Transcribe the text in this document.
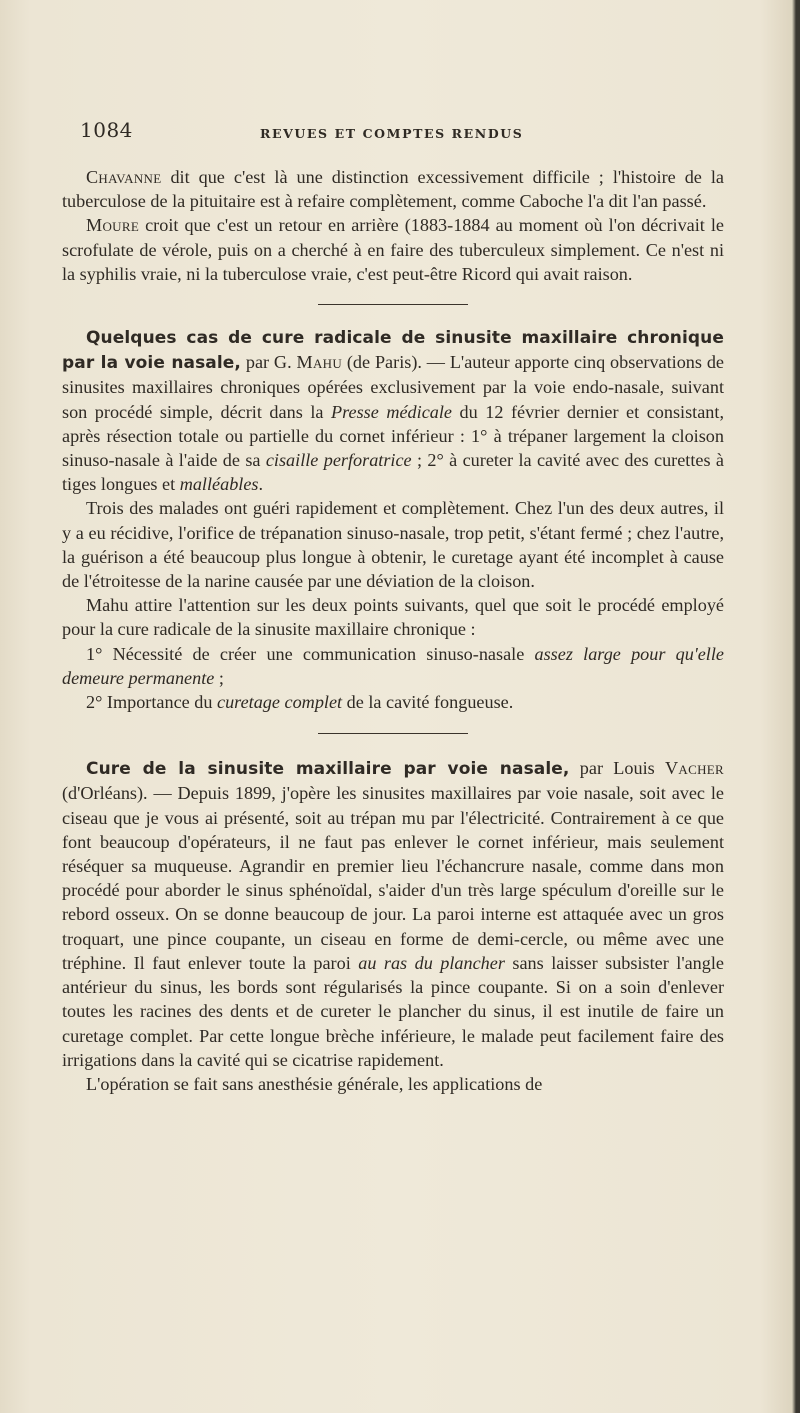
1084	REVUES ET COMPTES RENDUS

Chavanne dit que c'est là une distinction excessivement difficile ; l'histoire de la tuberculose de la pituitaire est à refaire complètement, comme Caboche l'a dit l'an passé.

Moure croit que c'est un retour en arrière (1883-1884 au moment où l'on décrivait le scrofulate de vérole, puis on a cherché à en faire des tuberculeux simplement. Ce n'est ni la syphilis vraie, ni la tuberculose vraie, c'est peut-être Ricord qui avait raison.

Quelques cas de cure radicale de sinusite maxillaire chronique par la voie nasale, par G. Mahu (de Paris). — L'auteur apporte cinq observations de sinusites maxillaires chroniques opérées exclusivement par la voie endo-nasale, suivant son procédé simple, décrit dans la Presse médicale du 12 février dernier et consistant, après résection totale ou partielle du cornet inférieur : 1° à trépaner largement la cloison sinuso-nasale à l'aide de sa cisaille perforatrice ; 2° à cureter la cavité avec des curettes à tiges longues et malléables.

Trois des malades ont guéri rapidement et complètement. Chez l'un des deux autres, il y a eu récidive, l'orifice de trépanation sinuso-nasale, trop petit, s'étant fermé ; chez l'autre, la guérison a été beaucoup plus longue à obtenir, le curetage ayant été incomplet à cause de l'étroitesse de la narine causée par une déviation de la cloison.

Mahu attire l'attention sur les deux points suivants, quel que soit le procédé employé pour la cure radicale de la sinusite maxillaire chronique :

1° Nécessité de créer une communication sinuso-nasale assez large pour qu'elle demeure permanente ;

2° Importance du curetage complet de la cavité fongueuse.

Cure de la sinusite maxillaire par voie nasale, par Louis Vacher (d'Orléans). — Depuis 1899, j'opère les sinusites maxillaires par voie nasale, soit avec le ciseau que je vous ai présenté, soit au trépan mu par l'électricité. Contrairement à ce que font beaucoup d'opérateurs, il ne faut pas enlever le cornet inférieur, mais seulement réséquer sa muqueuse. Agrandir en premier lieu l'échancrure nasale, comme dans mon procédé pour aborder le sinus sphénoïdal, s'aider d'un très large spéculum d'oreille sur le rebord osseux. On se donne beaucoup de jour. La paroi interne est attaquée avec un gros troquart, une pince coupante, un ciseau en forme de demi-cercle, ou même avec une tréphine. Il faut enlever toute la paroi au ras du plancher sans laisser subsister l'angle antérieur du sinus, les bords sont régularisés la pince coupante. Si on a soin d'enlever toutes les racines des dents et de cureter le plancher du sinus, il est inutile de faire un curetage complet. Par cette longue brèche inférieure, le malade peut facilement faire des irrigations dans la cavité qui se cicatrise rapidement.

L'opération se fait sans anesthésie générale, les applications de
